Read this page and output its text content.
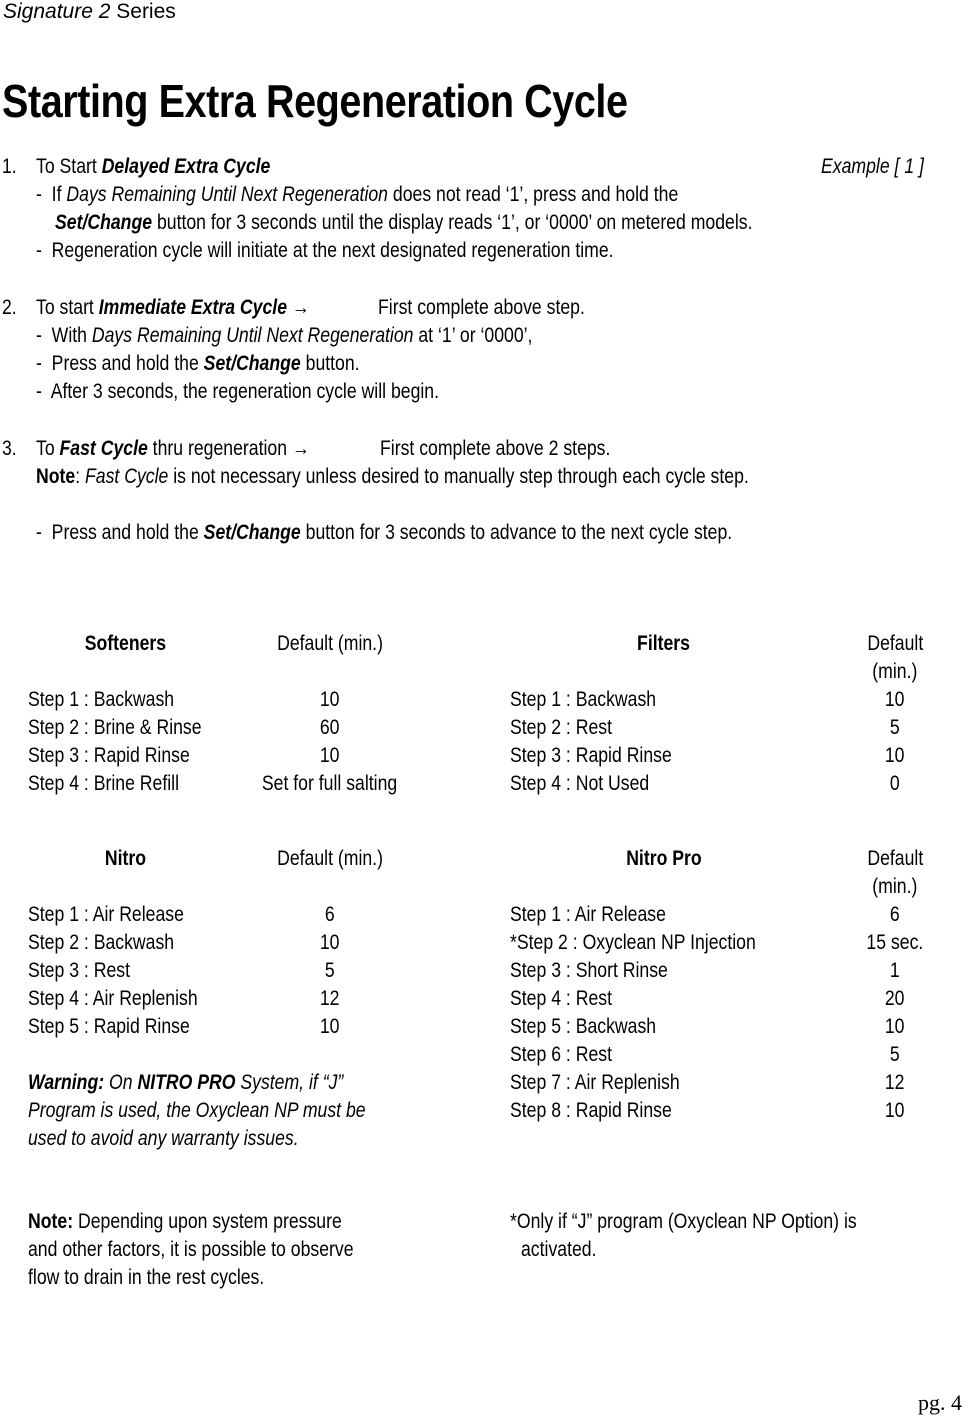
Signature 2 Series
Starting Extra Regeneration Cycle
1. To Start Delayed Extra Cycle	Example [ 1 ]
- If Days Remaining Until Next Regeneration does not read ‘1’, press and hold the
Set/Change button for 3 seconds until the display reads ‘1’, or ‘0000’ on metered models.
- Regeneration cycle will initiate at the next designated regeneration time.
2. To start Immediate Extra Cycle →	First complete above step.
- With Days Remaining Until Next Regeneration at ‘1’ or ‘0000’,
- Press and hold the Set/Change button.
- After 3 seconds, the regeneration cycle will begin.
3. To Fast Cycle thru regeneration →	First complete above 2 steps.
Note: Fast Cycle is not necessary unless desired to manually step through each cycle step.
- Press and hold the Set/Change button for 3 seconds to advance to the next cycle step.
Softeners	Default (min.)
Step 1 : Backwash	10
Step 2 : Brine & Rinse	60
Step 3 : Rapid Rinse	10
Step 4 : Brine Refill	Set for full salting
Filters	Default
(min.)
Step 1 : Backwash	10
Step 2 : Rest	5
Step 3 : Rapid Rinse	10
Step 4 : Not Used	0
Nitro	Default (min.)
Step 1 : Air Release	6
Step 2 : Backwash	10
Step 3 : Rest	5
Step 4 : Air Replenish	12
Step 5 : Rapid Rinse	10
Nitro Pro	Default
(min.)
Step 1 : Air Release	6
*Step 2 : Oxyclean NP Injection	15 sec.
Step 3 : Short Rinse	1
Step 4 : Rest	20
Step 5 : Backwash	10
Step 6 : Rest	5
Step 7 : Air Replenish	12
Step 8 : Rapid Rinse	10
Warning: On NITRO PRO System, if “J”
Program is used, the Oxyclean NP must be
used to avoid any warranty issues.
Note: Depending upon system pressure
and other factors, it is possible to observe
flow to drain in the rest cycles.
*Only if “J” program (Oxyclean NP Option) is
activated.
pg. 4
